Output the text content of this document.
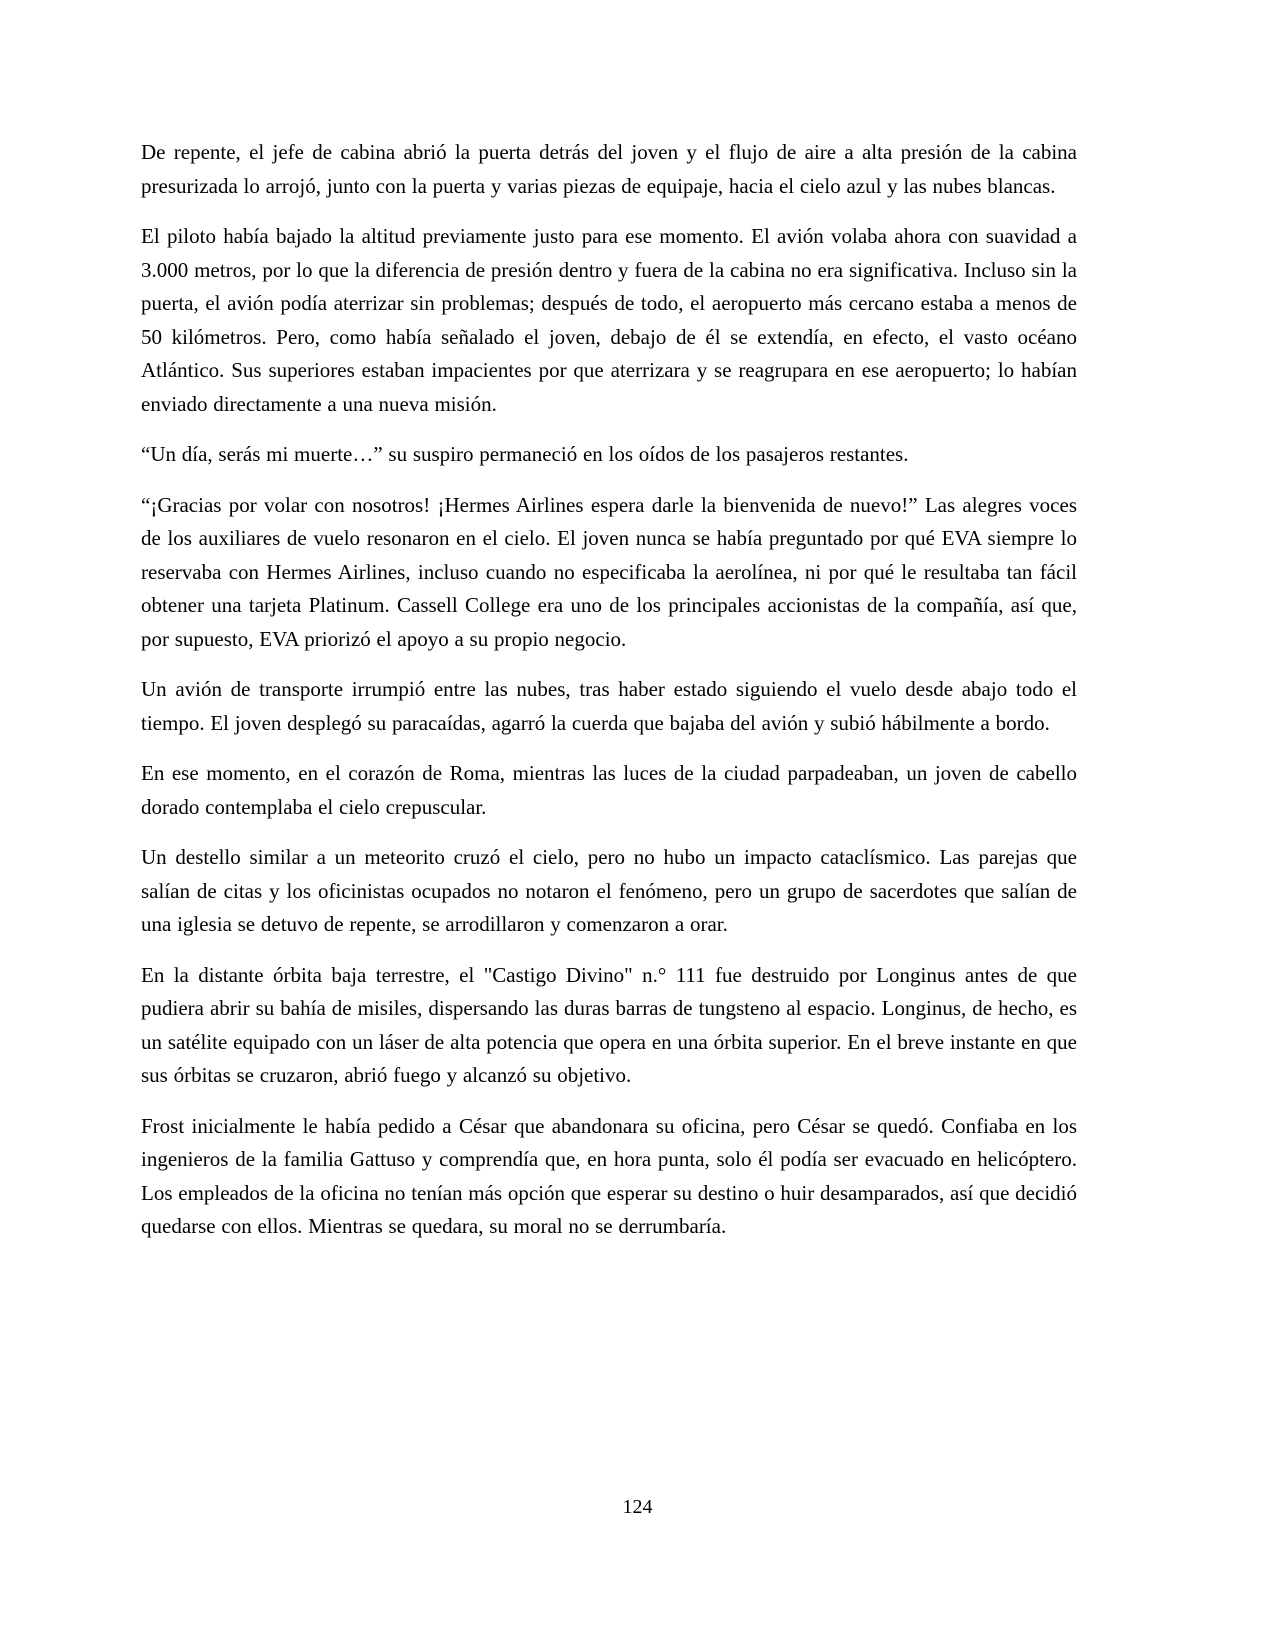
De repente, el jefe de cabina abrió la puerta detrás del joven y el flujo de aire a alta presión de la cabina presurizada lo arrojó, junto con la puerta y varias piezas de equipaje, hacia el cielo azul y las nubes blancas.

El piloto había bajado la altitud previamente justo para ese momento. El avión volaba ahora con suavidad a 3.000 metros, por lo que la diferencia de presión dentro y fuera de la cabina no era significativa. Incluso sin la puerta, el avión podía aterrizar sin problemas; después de todo, el aeropuerto más cercano estaba a menos de 50 kilómetros. Pero, como había señalado el joven, debajo de él se extendía, en efecto, el vasto océano Atlántico. Sus superiores estaban impacientes por que aterrizara y se reagrupara en ese aeropuerto; lo habían enviado directamente a una nueva misión.

“Un día, serás mi muerte…” su suspiro permaneció en los oídos de los pasajeros restantes.

“¡Gracias por volar con nosotros! ¡Hermes Airlines espera darle la bienvenida de nuevo!” Las alegres voces de los auxiliares de vuelo resonaron en el cielo. El joven nunca se había preguntado por qué EVA siempre lo reservaba con Hermes Airlines, incluso cuando no especificaba la aerolínea, ni por qué le resultaba tan fácil obtener una tarjeta Platinum. Cassell College era uno de los principales accionistas de la compañía, así que, por supuesto, EVA priorizó el apoyo a su propio negocio.

Un avión de transporte irrumpió entre las nubes, tras haber estado siguiendo el vuelo desde abajo todo el tiempo. El joven desplegó su paracaídas, agarró la cuerda que bajaba del avión y subió hábilmente a bordo.

En ese momento, en el corazón de Roma, mientras las luces de la ciudad parpadeaban, un joven de cabello dorado contemplaba el cielo crepuscular.

Un destello similar a un meteorito cruzó el cielo, pero no hubo un impacto cataclísmico. Las parejas que salían de citas y los oficinistas ocupados no notaron el fenómeno, pero un grupo de sacerdotes que salían de una iglesia se detuvo de repente, se arrodillaron y comenzaron a orar.

En la distante órbita baja terrestre, el "Castigo Divino" n.° 111 fue destruido por Longinus antes de que pudiera abrir su bahía de misiles, dispersando las duras barras de tungsteno al espacio. Longinus, de hecho, es un satélite equipado con un láser de alta potencia que opera en una órbita superior. En el breve instante en que sus órbitas se cruzaron, abrió fuego y alcanzó su objetivo.

Frost inicialmente le había pedido a César que abandonara su oficina, pero César se quedó. Confiaba en los ingenieros de la familia Gattuso y comprendía que, en hora punta, solo él podía ser evacuado en helicóptero. Los empleados de la oficina no tenían más opción que esperar su destino o huir desamparados, así que decidió quedarse con ellos. Mientras se quedara, su moral no se derrumbaría.

124
